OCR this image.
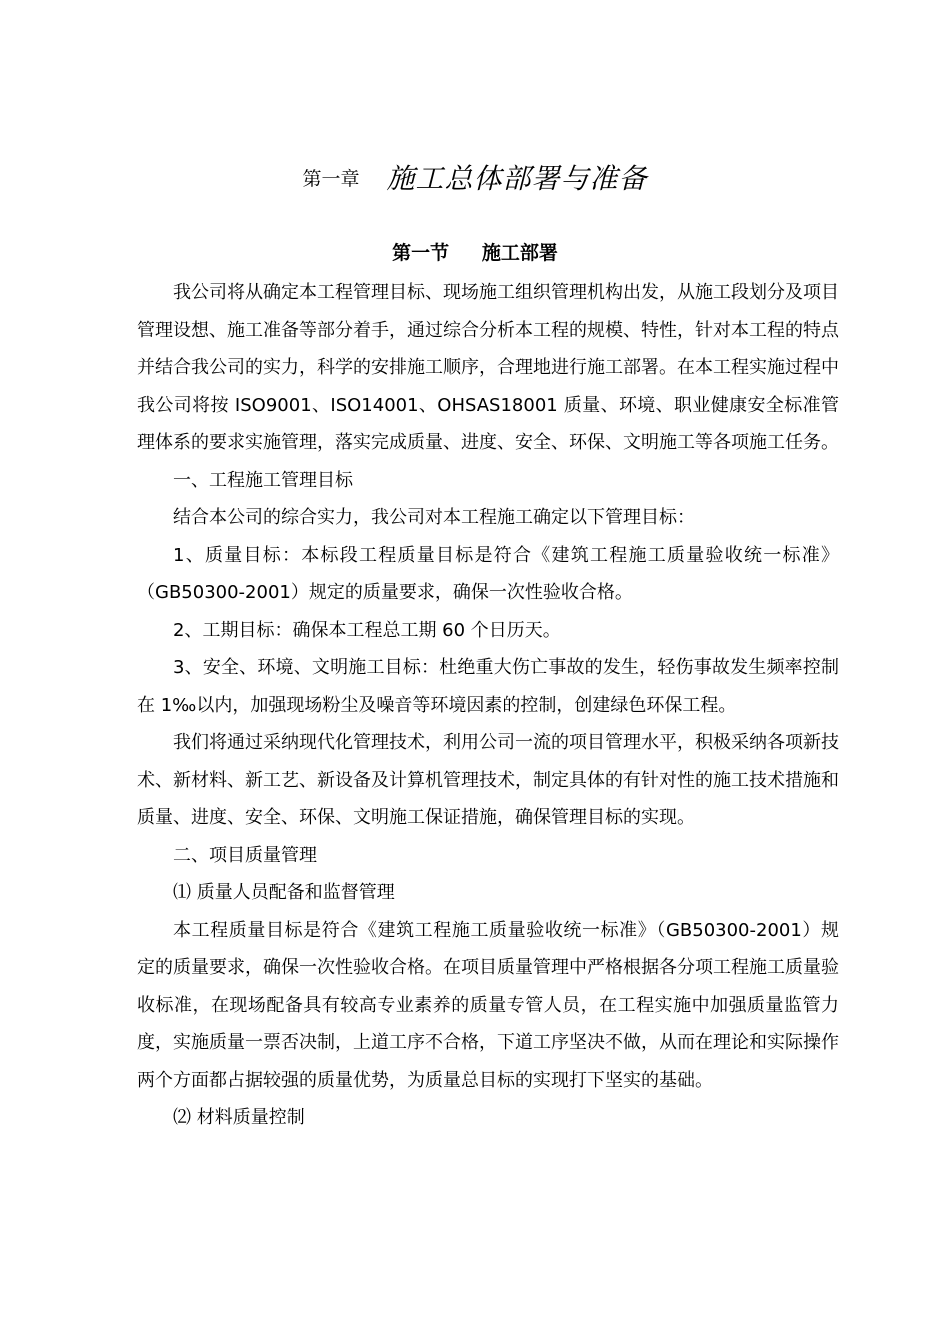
第一章 施工总体部署与准备
第一节 施工部署

我公司将从确定本工程管理目标、现场施工组织管理机构出发，从施工段划分及项目管理设想、施工准备等部分着手，通过综合分析本工程的规模、特性，针对本工程的特点并结合我公司的实力，科学的安排施工顺序，合理地进行施工部署。在本工程实施过程中我公司将按 ISO9001、ISO14001、OHSAS18001 质量、环境、职业健康安全标准管理体系的要求实施管理，落实完成质量、进度、安全、环保、文明施工等各项施工任务。

一、工程施工管理目标

结合本公司的综合实力，我公司对本工程施工确定以下管理目标：

1、质量目标：本标段工程质量目标是符合《建筑工程施工质量验收统一标准》（GB50300-2001）规定的质量要求，确保一次性验收合格。

2、工期目标：确保本工程总工期 60 个日历天。

3、安全、环境、文明施工目标：杜绝重大伤亡事故的发生，轻伤事故发生频率控制在 1‰以内，加强现场粉尘及噪音等环境因素的控制，创建绿色环保工程。

我们将通过采纳现代化管理技术，利用公司一流的项目管理水平，积极采纳各项新技术、新材料、新工艺、新设备及计算机管理技术，制定具体的有针对性的施工技术措施和质量、进度、安全、环保、文明施工保证措施，确保管理目标的实现。

二、项目质量管理

⑴ 质量人员配备和监督管理

本工程质量目标是符合《建筑工程施工质量验收统一标准》（GB50300-2001）规定的质量要求，确保一次性验收合格。在项目质量管理中严格根据各分项工程施工质量验收标准，在现场配备具有较高专业素养的质量专管人员，在工程实施中加强质量监管力度，实施质量一票否决制，上道工序不合格，下道工序坚决不做，从而在理论和实际操作两个方面都占据较强的质量优势，为质量总目标的实现打下坚实的基础。

⑵ 材料质量控制
